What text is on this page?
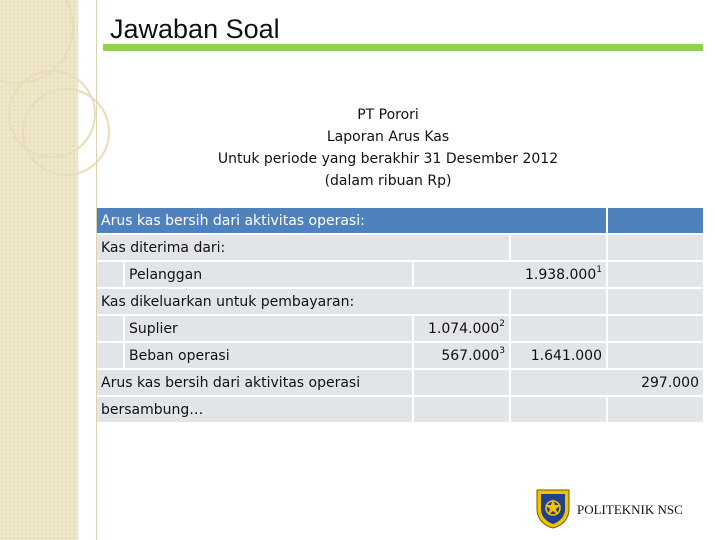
Jawaban Soal
PT Porori
Laporan Arus Kas
Untuk periode yang berakhir 31 Desember 2012
(dalam ribuan Rp)
Arus kas bersih dari aktivitas operasi:				
Kas diterima dari:				
	Pelanggan	1.938.000$^1$	
Kas dikeluarkan untuk pembayaran:				
	Suplier	1.074.000$^2$		
	Beban operasi	567.000$^3$	1.641.000	
Arus kas bersih dari aktivitas operasi			297.000	
bersambung…				
POLITEKNIK NSC
